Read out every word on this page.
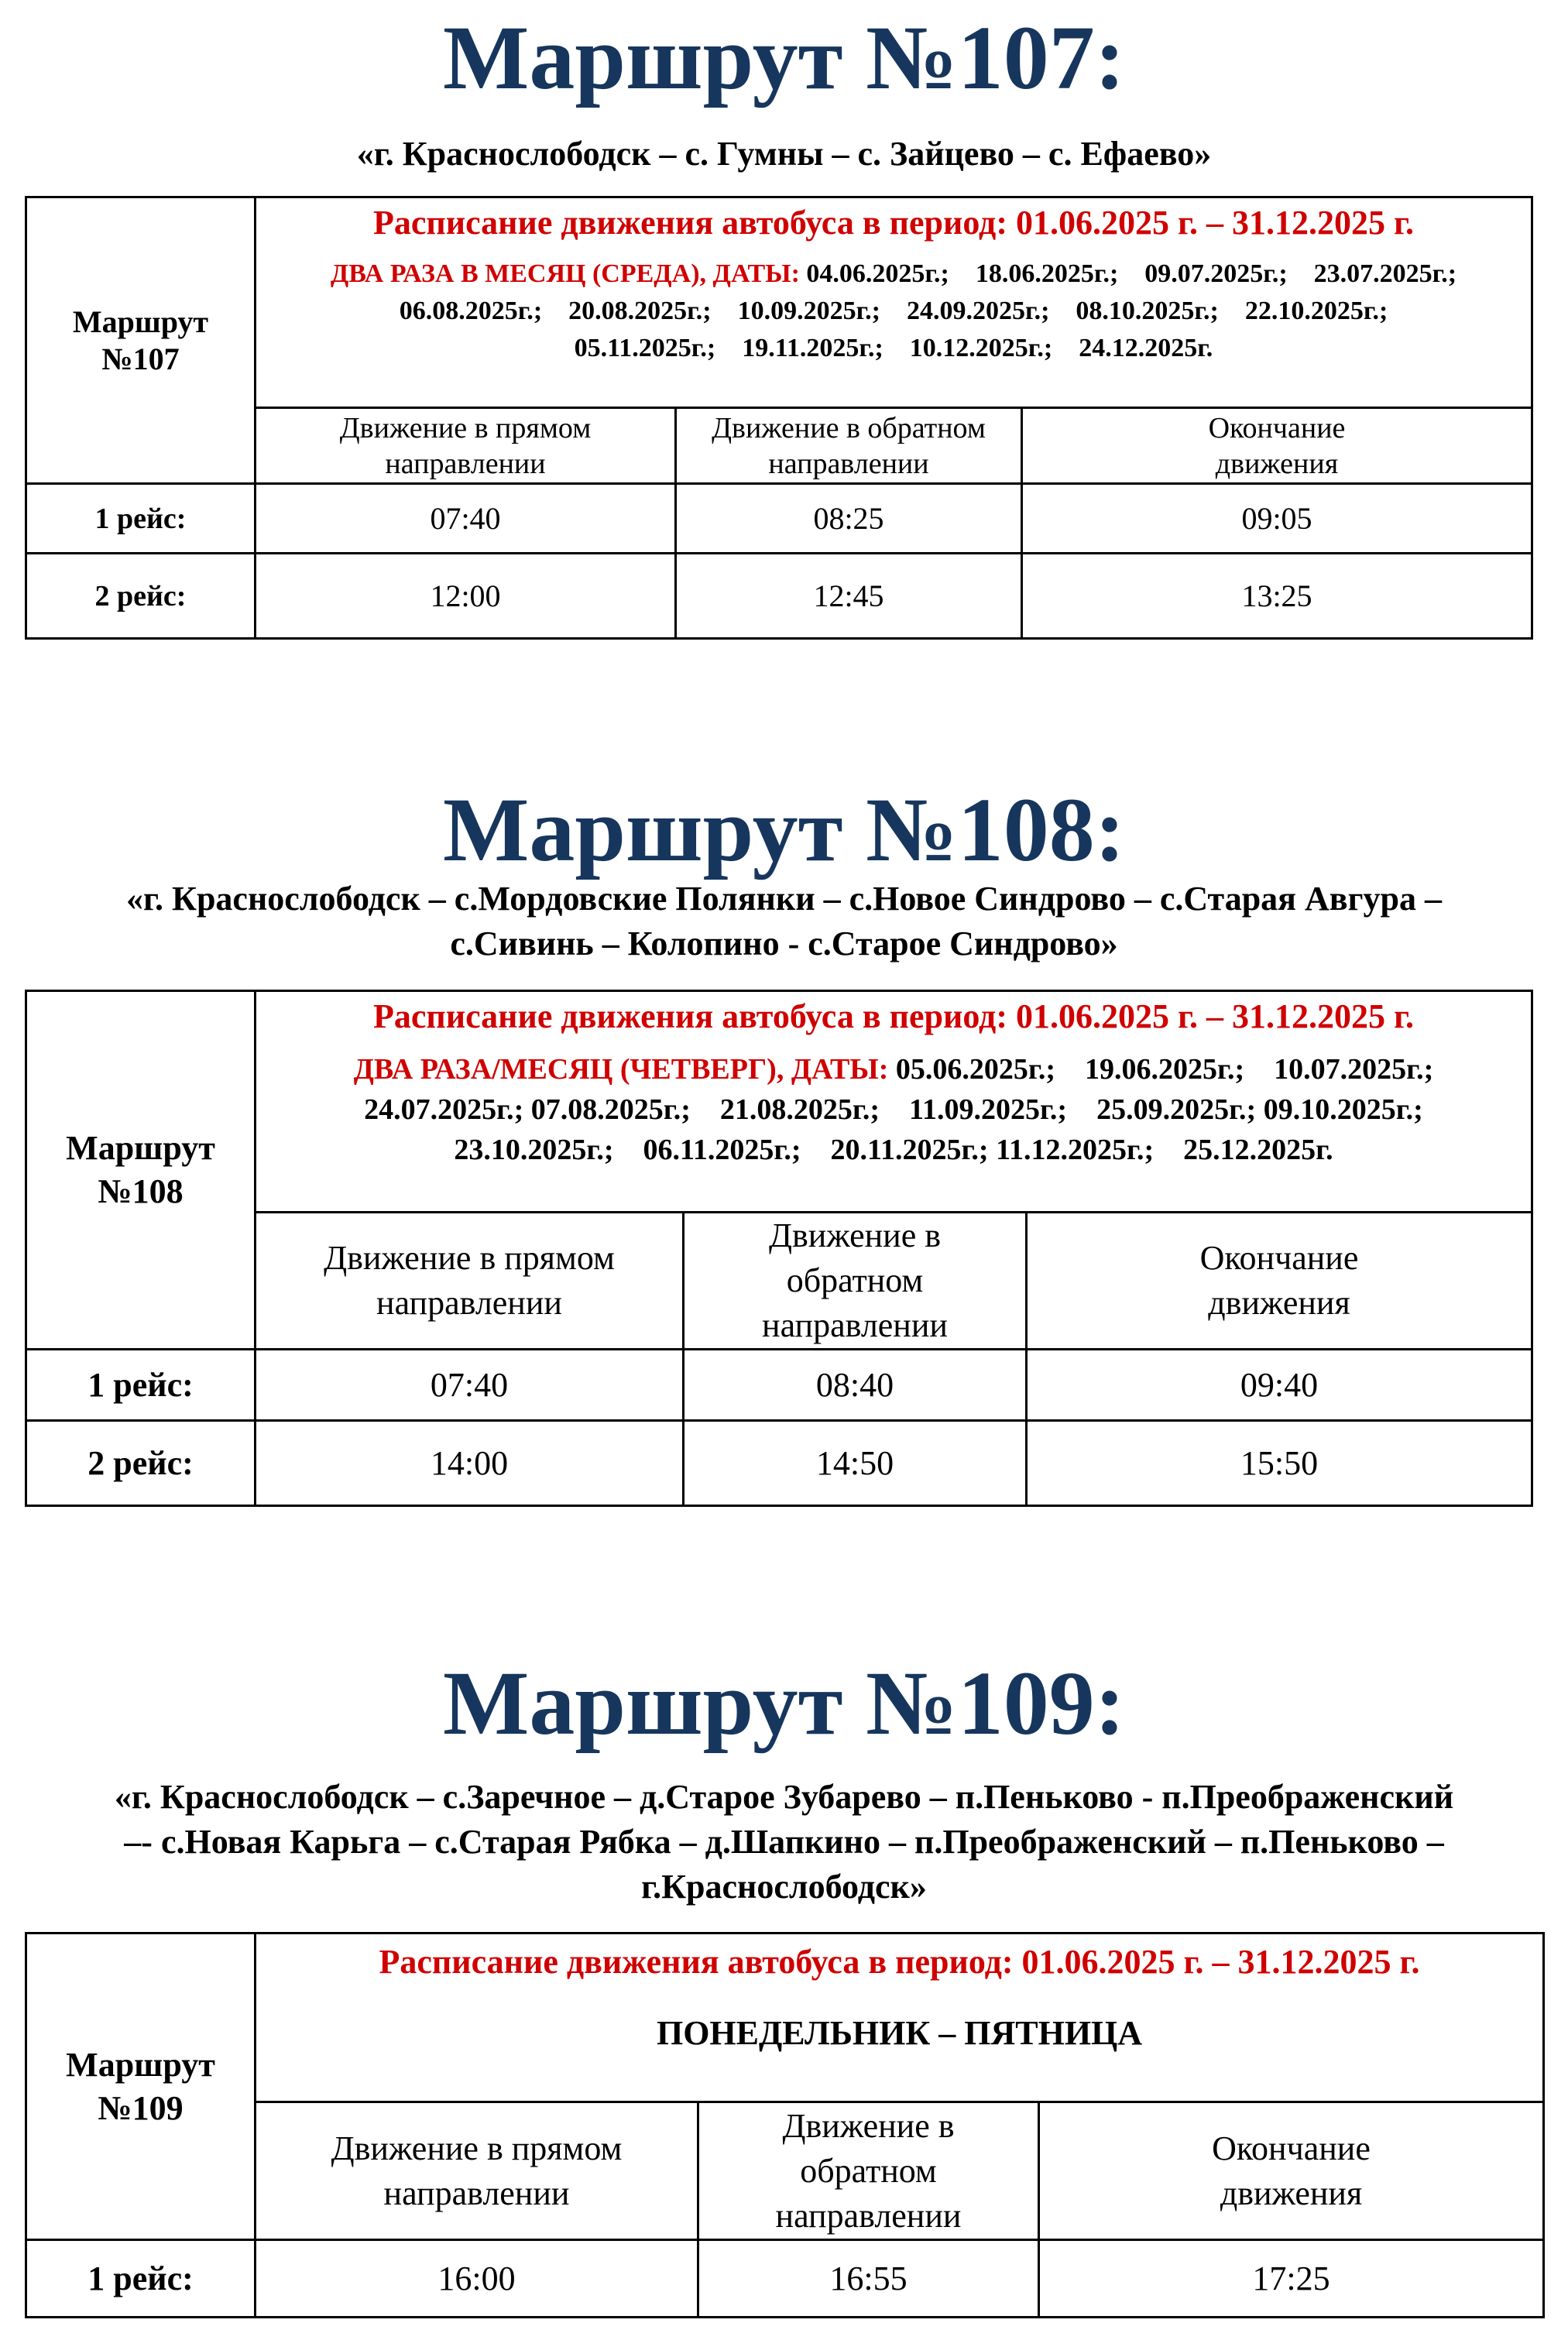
Маршрут №107:

«г. Краснослободск – с. Гумны – с. Зайцево – с. Ефаево»

Маршрут №107	Расписание движения автобуса в период: 01.06.2025 г. – 31.12.2025 г.
ДВА РАЗА В МЕСЯЦ (СРЕДА), ДАТЫ: 04.06.2025г.;    18.06.2025г.;    09.07.2025г.;    23.07.2025г.;
06.08.2025г.;    20.08.2025г.;    10.09.2025г.;    24.09.2025г.;    08.10.2025г.;    22.10.2025г.;
05.11.2025г.;    19.11.2025г.;    10.12.2025г.;    24.12.2025г.		

	Движение в прямом направлении	Движение в обратном направлении	Окончание движения
1 рейс:	07:40	08:25	09:05
2 рейс:	12:00	12:45	13:25
Маршрут №108:

«г. Краснослободск – с.Мордовские Полянки – с.Новое Синдрово – с.Старая Авгура –

с.Сивинь – Колопино - с.Старое Синдрово»

Маршрут №108	Расписание движения автобуса в период: 01.06.2025 г. – 31.12.2025 г.
ДВА РАЗА/МЕСЯЦ (ЧЕТВЕРГ), ДАТЫ: 05.06.2025г.;    19.06.2025г.;    10.07.2025г.;
24.07.2025г.; 07.08.2025г.;    21.08.2025г.;    11.09.2025г.;    25.09.2025г.; 09.10.2025г.;
23.10.2025г.;    06.11.2025г.;    20.11.2025г.; 11.12.2025г.;    25.12.2025г.		

	Движение в прямом направлении	Движение в обратном направлении	Окончание движения
1 рейс:	07:40	08:40	09:40
2 рейс:	14:00	14:50	15:50
Маршрут №109:

«г. Краснослободск – с.Заречное – д.Старое Зубарево – п.Пеньково - п.Преображенский

–- с.Новая Карьга – с.Старая Рябка – д.Шапкино – п.Преображенский – п.Пеньково –

г.Краснослободск»

Маршрут №109	Расписание движения автобуса в период: 01.06.2025 г. – 31.12.2025 г.
ПОНЕДЕЛЬНИК – ПЯТНИЦА		

	Движение в прямом направлении	Движение в обратном направлении	Окончание движения
1 рейс:	16:00	16:55	17:25
